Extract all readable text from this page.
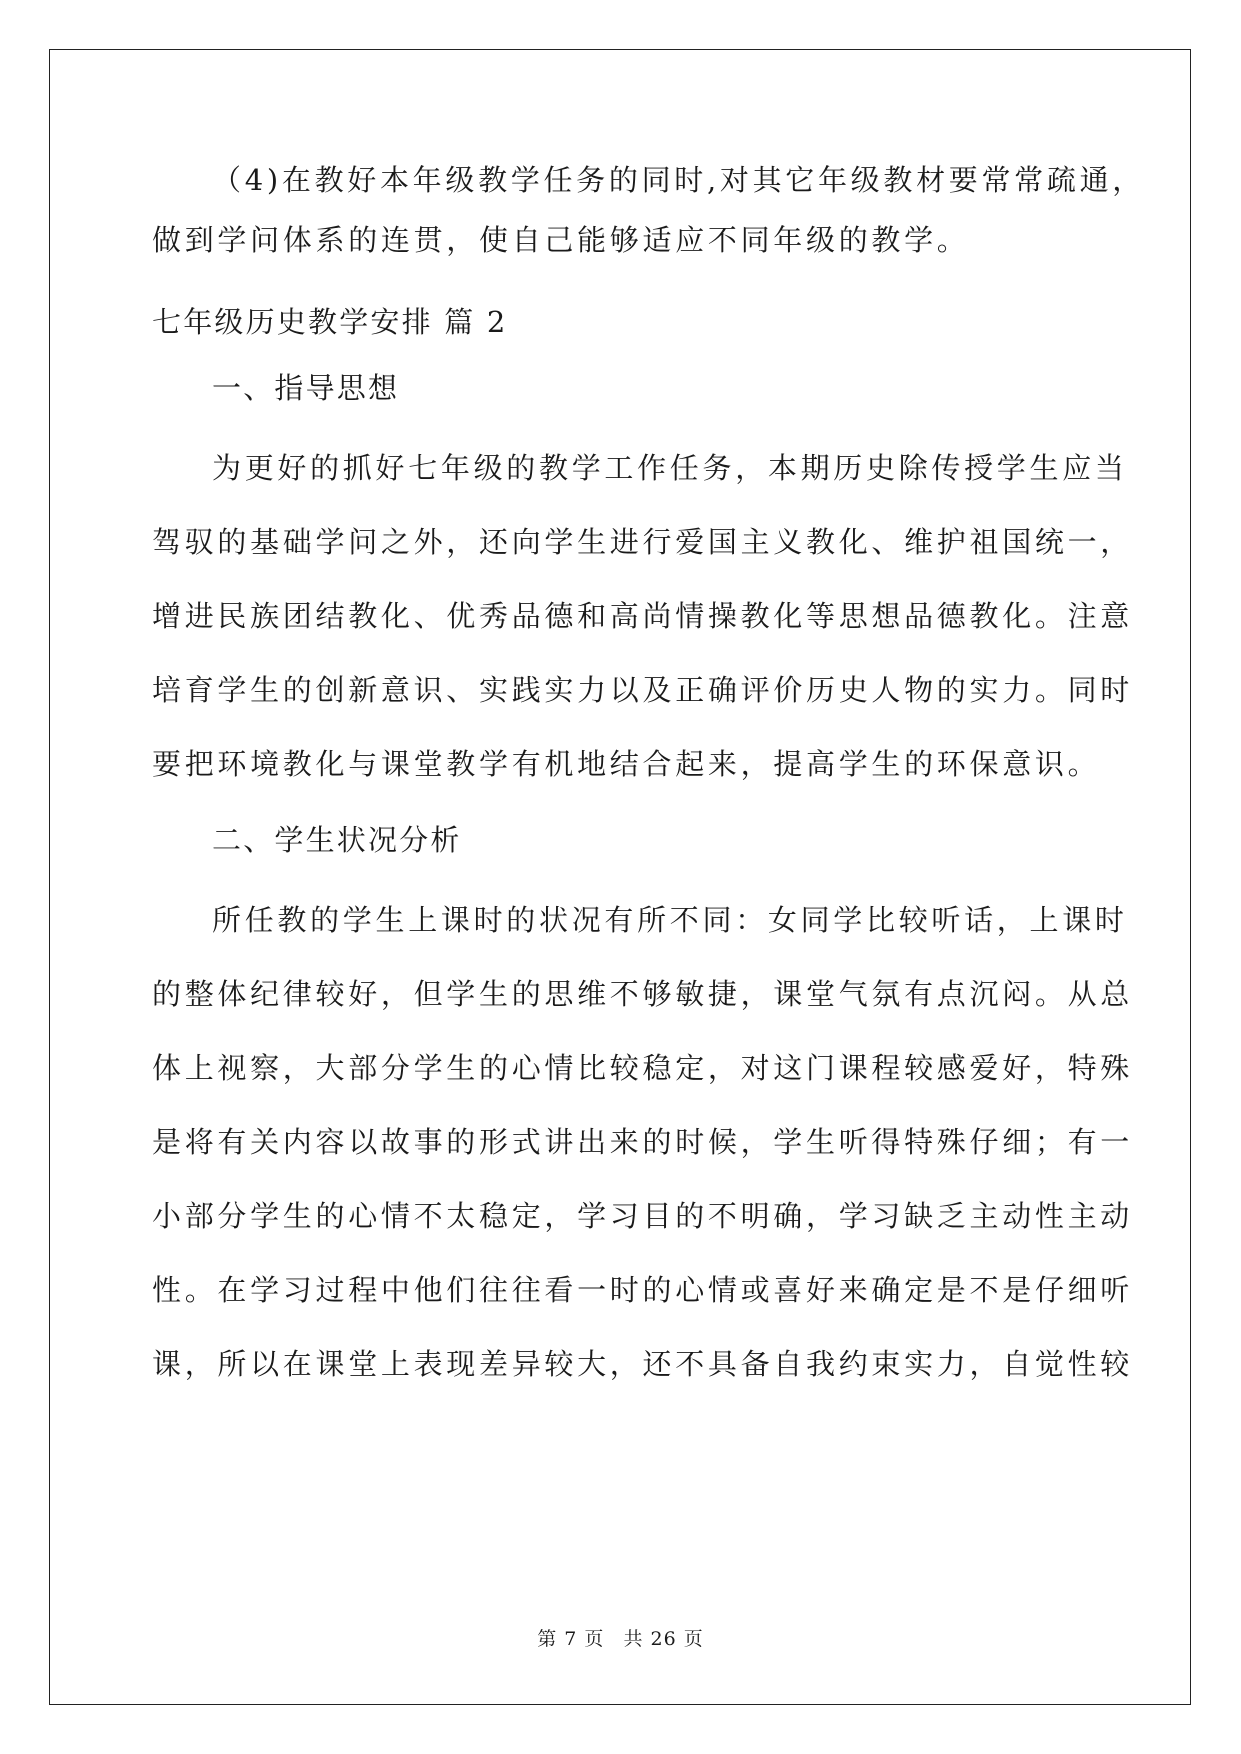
（4)在教好本年级教学任务的同时,对其它年级教材要常常疏通，
做到学问体系的连贯，使自己能够适应不同年级的教学。
七年级历史教学安排 篇 2
一、指导思想
为更好的抓好七年级的教学工作任务，本期历史除传授学生应当
驾驭的基础学问之外，还向学生进行爱国主义教化、维护祖国统一，
增进民族团结教化、优秀品德和高尚情操教化等思想品德教化。注意
培育学生的创新意识、实践实力以及正确评价历史人物的实力。同时
要把环境教化与课堂教学有机地结合起来，提高学生的环保意识。
二、学生状况分析
所任教的学生上课时的状况有所不同：女同学比较听话，上课时
的整体纪律较好，但学生的思维不够敏捷，课堂气氛有点沉闷。从总
体上视察，大部分学生的心情比较稳定，对这门课程较感爱好，特殊
是将有关内容以故事的形式讲出来的时候，学生听得特殊仔细；有一
小部分学生的心情不太稳定，学习目的不明确，学习缺乏主动性主动
性。在学习过程中他们往往看一时的心情或喜好来确定是不是仔细听
课，所以在课堂上表现差异较大，还不具备自我约束实力，自觉性较
第 7 页 共 26 页
